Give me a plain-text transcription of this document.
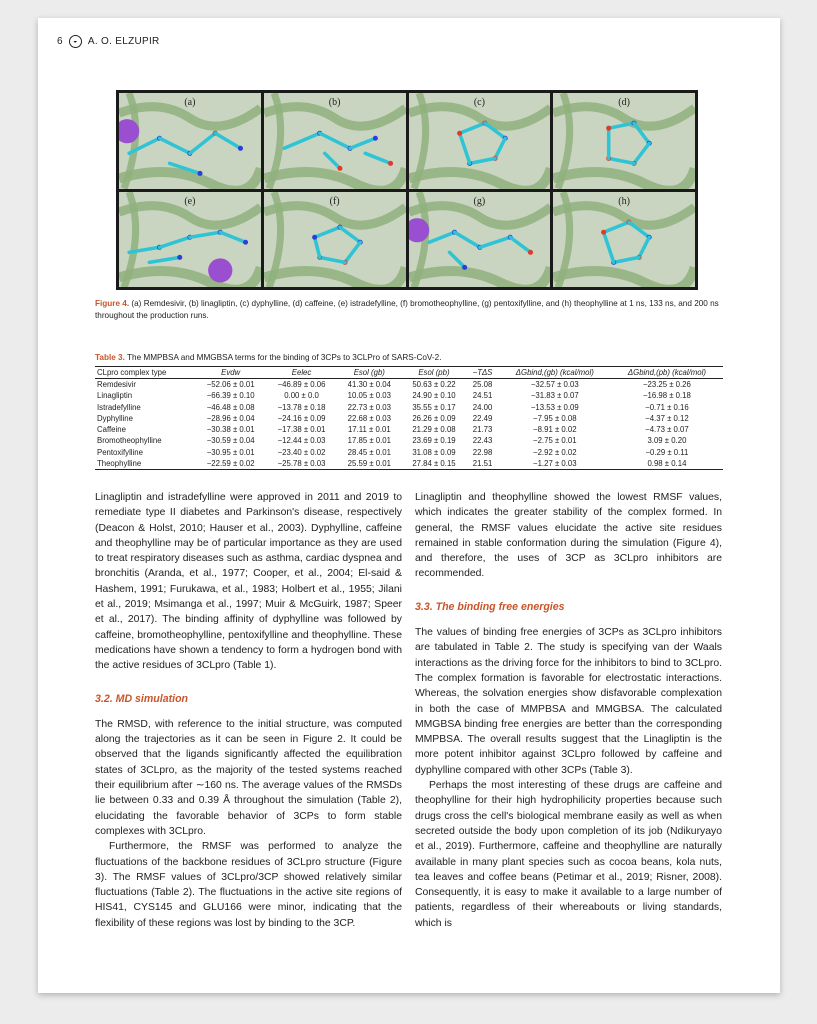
6	◒	A. O. ELZUPIR
(a)	(b)	(c)	(d)
(e)	(f)	(g)	(h)
Figure 4. (a) Remdesivir, (b) linagliptin, (c) dyphylline, (d) caffeine, (e) istradefylline, (f) bromotheophylline, (g) pentoxifylline, and (h) theophylline at 1 ns, 133 ns, and 200 ns throughout the production runs.
Table 3. The MMPBSA and MMGBSA terms for the binding of 3CPs to 3CLPro of SARS-CoV-2.
CLpro complex type	Evdw	Eelec	Esol (gb)	Esol (pb)	−TΔS	ΔGbind,(gb) (kcal/mol)	ΔGbind,(pb) (kcal/mol)
Remdesivir	−52.06 ± 0.01	−46.89 ± 0.06	41.30 ± 0.04	50.63 ± 0.22	25.08	−32.57 ± 0.03	−23.25 ± 0.26
Linagliptin	−66.39 ± 0.10	0.00 ± 0.0	10.05 ± 0.03	24.90 ± 0.10	24.51	−31.83 ± 0.07	−16.98 ± 0.18
Istradefylline	−46.48 ± 0.08	−13.78 ± 0.18	22.73 ± 0.03	35.55 ± 0.17	24.00	−13.53 ± 0.09	−0.71 ± 0.16
Dyphylline	−28.96 ± 0.04	−24.16 ± 0.09	22.68 ± 0.03	26.26 ± 0.09	22.49	−7.95 ± 0.08	−4.37 ± 0.12
Caffeine	−30.38 ± 0.01	−17.38 ± 0.01	17.11 ± 0.01	21.29 ± 0.08	21.73	−8.91 ± 0.02	−4.73 ± 0.07
Bromotheophylline	−30.59 ± 0.04	−12.44 ± 0.03	17.85 ± 0.01	23.69 ± 0.19	22.43	−2.75 ± 0.01	3.09 ± 0.20
Pentoxifylline	−30.95 ± 0.01	−23.40 ± 0.02	28.45 ± 0.01	31.08 ± 0.09	22.98	−2.92 ± 0.02	−0.29 ± 0.11
Theophylline	−22.59 ± 0.02	−25.78 ± 0.03	25.59 ± 0.01	27.84 ± 0.15	21.51	−1.27 ± 0.03	0.98 ± 0.14

Linagliptin and istradefylline were approved in 2011 and 2019 to remediate type II diabetes and Parkinson's disease, respectively (Deacon & Holst, 2010; Hauser et al., 2003). Dyphylline, caffeine and theophylline may be of particular importance as they are used to treat respiratory diseases such as asthma, cardiac dyspnea and bronchitis (Aranda, et al., 1977; Cooper, et al., 2004; El-said & Hashem, 1991; Furukawa, et al., 1983; Holbert et al., 1955; Jilani et al., 2019; Msimanga et al., 1997; Muir & McGuirk, 1987; Speer et al., 2017). The binding affinity of dyphylline was followed by caffeine, bromotheophylline, pentoxifylline and theophylline. These medications have shown a tendency to form a hydrogen bond with the active residues of 3CLpro (Table 1).

3.2. MD simulation

The RMSD, with reference to the initial structure, was computed along the trajectories as it can be seen in Figure 2. It could be observed that the ligands significantly affected the equilibration states of 3CLpro, as the majority of the tested systems reached their equilibrium after ∼160 ns. The average values of the RMSDs lie between 0.33 and 0.39 Å throughout the simulation (Table 2), elucidating the favorable behavior of 3CPs to form stable complexes with 3CLpro.

Furthermore, the RMSF was performed to analyze the fluctuations of the backbone residues of 3CLpro structure (Figure 3). The RMSF values of 3CLpro/3CP showed relatively similar fluctuations (Table 2). The fluctuations in the active site regions of HIS41, CYS145 and GLU166 were minor, indicating that the flexibility of these regions was lost by binding to the 3CP.

Linagliptin and theophylline showed the lowest RMSF values, which indicates the greater stability of the complex formed. In general, the RMSF values elucidate the active site residues remained in stable conformation during the simulation (Figure 4), and therefore, the uses of 3CP as 3CLpro inhibitors are recommended.

3.3. The binding free energies

The values of binding free energies of 3CPs as 3CLpro inhibitors are tabulated in Table 2. The study is specifying van der Waals interactions as the driving force for the inhibitors to bind to 3CLpro. The complex formation is favorable for electrostatic interactions. Whereas, the solvation energies show disfavorable complexation in both the case of MMPBSA and MMGBSA. The calculated MMGBSA binding free energies are better than the corresponding MMPBSA. The overall results suggest that the Linagliptin is the more potent inhibitor against 3CLpro followed by caffeine and dyphylline compared with other 3CPs (Table 3).

Perhaps the most interesting of these drugs are caffeine and theophylline for their high hydrophilicity properties because such drugs cross the cell's biological membrane easily as well as when secreted outside the body upon completion of its job (Ndikuryayo et al., 2019). Furthermore, caffeine and theophylline are naturally available in many plant species such as cocoa beans, kola nuts, tea leaves and coffee beans (Petimar et al., 2019; Risner, 2008). Consequently, it is easy to make it available to a large number of patients, regardless of their whereabouts or living standards, which is
